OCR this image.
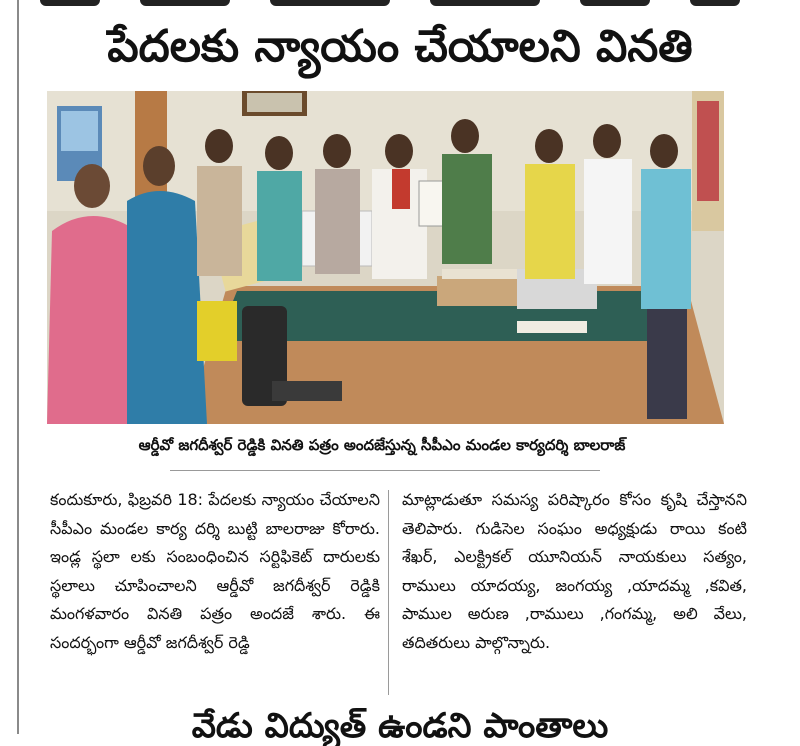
పేదలకు న్యాయం చేయాలని వినతి
ఆర్డీవో జగదీశ్వర్ రెడ్డికి వినతి పత్రం అందజేస్తున్న సీపీఎం మండల కార్యదర్శి బాలరాజ్

కందుకూరు, ఫిబ్రవరి 18: పేదలకు న్యాయం చేయాలని సీపీఎం మండల కార్య దర్శి బుట్టి బాలరాజు కోరారు. ఇండ్ల స్థలా లకు సంబంధించిన సర్టిఫికెట్ దారులకు స్థలాలు చూపించాలని ఆర్డీవో జగదీశ్వర్ రెడ్డికి మంగళవారం వినతి పత్రం అందజే శారు. ఈ సందర్భంగా ఆర్డీవో జగదీశ్వర్ రెడ్డి

మాట్లాడుతూ సమస్య పరిష్కారం కోసం కృషి చేస్తానని తెలిపారు. గుడిసెల సంఘం అధ్యక్షుడు రాయి కంటి శేఖర్, ఎలక్ట్రికల్ యూనియన్ నాయకులు సత్యం, రాములు యాదయ్య, జంగయ్య ,యాదమ్మ ,కవిత, పాముల అరుణ ,రాములు ,గంగమ్మ, అలి వేలు, తదితరులు పాల్గొన్నారు.

వేడు విద్యుత్ ఉండని పాంతాలు
